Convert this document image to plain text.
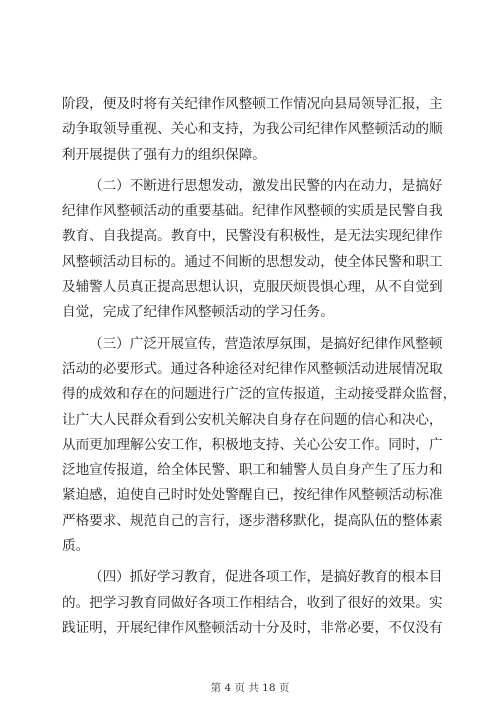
阶段，便及时将有关纪律作风整顿工作情况向县局领导汇报，主
动争取领导重视、关心和支持，为我公司纪律作风整顿活动的顺
利开展提供了强有力的组织保障。
（二）不断进行思想发动，激发出民警的内在动力，是搞好
纪律作风整顿活动的重要基础。纪律作风整顿的实质是民警自我
教育、自我提高。教育中，民警没有积极性，是无法实现纪律作
风整顿活动目标的。通过不间断的思想发动，使全体民警和职工
及辅警人员真正提高思想认识，克服厌烦畏惧心理，从不自觉到
自觉，完成了纪律作风整顿活动的学习任务。
（三）广泛开展宣传，营造浓厚氛围，是搞好纪律作风整顿
活动的必要形式。通过各种途径对纪律作风整顿活动进展情况取
得的成效和存在的问题进行广泛的宣传报道，主动接受群众监督，
让广大人民群众看到公安机关解决自身存在问题的信心和决心，
从而更加理解公安工作，积极地支持、关心公安工作。同时，广
泛地宣传报道，给全体民警、职工和辅警人员自身产生了压力和
紧迫感，迫使自己时时处处警醒自已，按纪律作风整顿活动标准
严格要求、规范自己的言行，逐步潜移默化，提高队伍的整体素
质。
（四）抓好学习教育，促进各项工作，是搞好教育的根本目
的。把学习教育同做好各项工作相结合，收到了很好的效果。实
践证明，开展纪律作风整顿活动十分及时，非常必要，不仅没有
第 4 页 共 18 页
